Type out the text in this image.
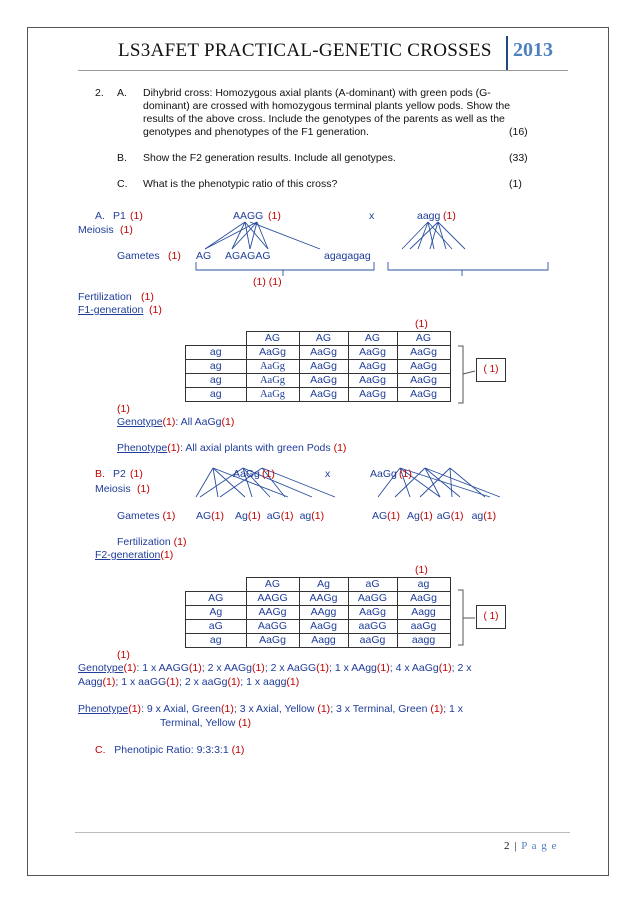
LS3AFET PRACTICAL-GENETIC CROSSES 2013
2. A. Dihybrid cross: Homozygous axial plants (A-dominant) with green pods (G-
dominant) are crossed with homozygous terminal plants yellow pods. Show the
results of the above cross. Include the genotypes of the parents as well as the
genotypes and phenotypes of the F1 generation.	(16)
B. Show the F2 generation results. Include all genotypes.	(33)
C. What is the phenotypic ratio of this cross?	(1)
A. P1 (1)	AAGG (1)	x	aagg (1)
Meiosis (1)
Gametes (1) AG AGAGAG	agagagag
(1) (1)
Fertilization (1)
F1-generation (1)
(1)
	AG	AG	AG	AG
ag	AaGg	AaGg	AaGg	AaGg
ag	AaGg	AaGg	AaGg	AaGg
ag	AaGg	AaGg	AaGg	AaGg
ag	AaGg	AaGg	AaGg	AaGg
( 1)
(1)
Genotype(1): All AaGg(1)
Phenotype(1): All axial plants with green Pods (1)
B. P2 (1)	AaGg (1)	x	AaGg (1)
Meiosis (1)
Gametes (1) AG(1) Ag(1) aG(1) ag(1)	AG(1) Ag(1) aG(1) ag(1)
Fertilization (1)
F2-generation(1)
(1)
	AG	Ag	aG	ag
AG	AAGG	AAGg	AaGG	AaGg
Ag	AAGg	AAgg	AaGg	Aagg
aG	AaGG	AaGg	aaGG	aaGg
ag	AaGg	Aagg	aaGg	aagg
( 1)
(1)
Genotype(1): 1 x AAGG(1); 2 x AAGg(1); 2 x AaGG(1); 1 x AAgg(1); 4 x AaGg(1); 2 x
Aagg(1); 1 x aaGG(1); 2 x aaGg(1); 1 x aagg(1)
Phenotype(1): 9 x Axial, Green(1); 3 x Axial, Yellow (1); 3 x Terminal, Green (1); 1 x
Terminal, Yellow (1)
C. Phenotipic Ratio: 9:3:3:1 (1)
2 | P a g e
